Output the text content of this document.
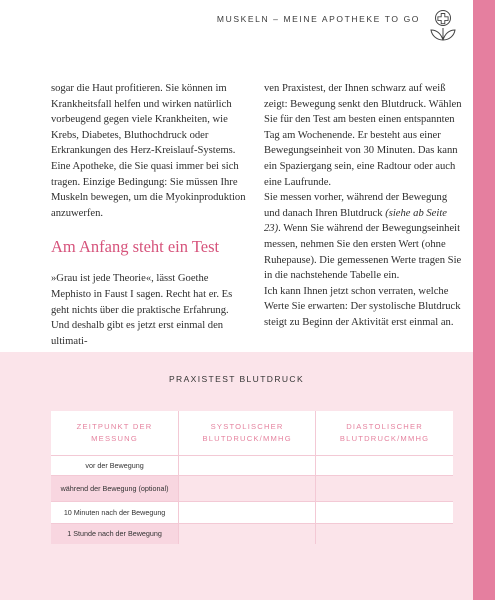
MUSKELN – MEINE APOTHEKE TO GO

sogar die Haut profitieren. Sie können im Krankheitsfall helfen und wirken natürlich vorbeugend gegen viele Krankheiten, wie Krebs, Diabetes, Bluthochdruck oder Erkrankungen des Herz-Kreislauf-Systems. Eine Apotheke, die Sie quasi immer bei sich tragen. Einzige Bedingung: Sie müssen Ihre Muskeln bewegen, um die Myokinproduktion anzuwerfen.

Am Anfang steht ein Test

»Grau ist jede Theorie«, lässt Goethe Mephisto in Faust I sagen. Recht hat er. Es geht nichts über die praktische Erfahrung. Und deshalb gibt es jetzt erst einmal den ultimati-

ven Praxistest, der Ihnen schwarz auf weiß zeigt: Bewegung senkt den Blutdruck. Wählen Sie für den Test am besten einen entspannten Tag am Wochenende. Er besteht aus einer Bewegungseinheit von 30 Minuten. Das kann ein Spaziergang sein, eine Radtour oder auch eine Laufrunde.

Sie messen vorher, während der Bewegung und danach Ihren Blutdruck (siehe ab Seite 23). Wenn Sie während der Bewegungseinheit messen, nehmen Sie den ersten Wert (ohne Ruhepause). Die gemessenen Werte tragen Sie in die nachstehende Tabelle ein.

Ich kann Ihnen jetzt schon verraten, welche Werte Sie erwarten: Der systolische Blutdruck steigt zu Beginn der Aktivität erst einmal an.

PRAXISTEST BLUTDRUCK
ZEITPUNKT DER MESSUNG	SYSTOLISCHER BLUTDRUCK/MMHG	DIASTOLISCHER BLUTDRUCK/MMHG
vor der Bewegung		
während der Bewegung (optional)		
10 Minuten nach der Bewegung		
1 Stunde nach der Bewegung		
